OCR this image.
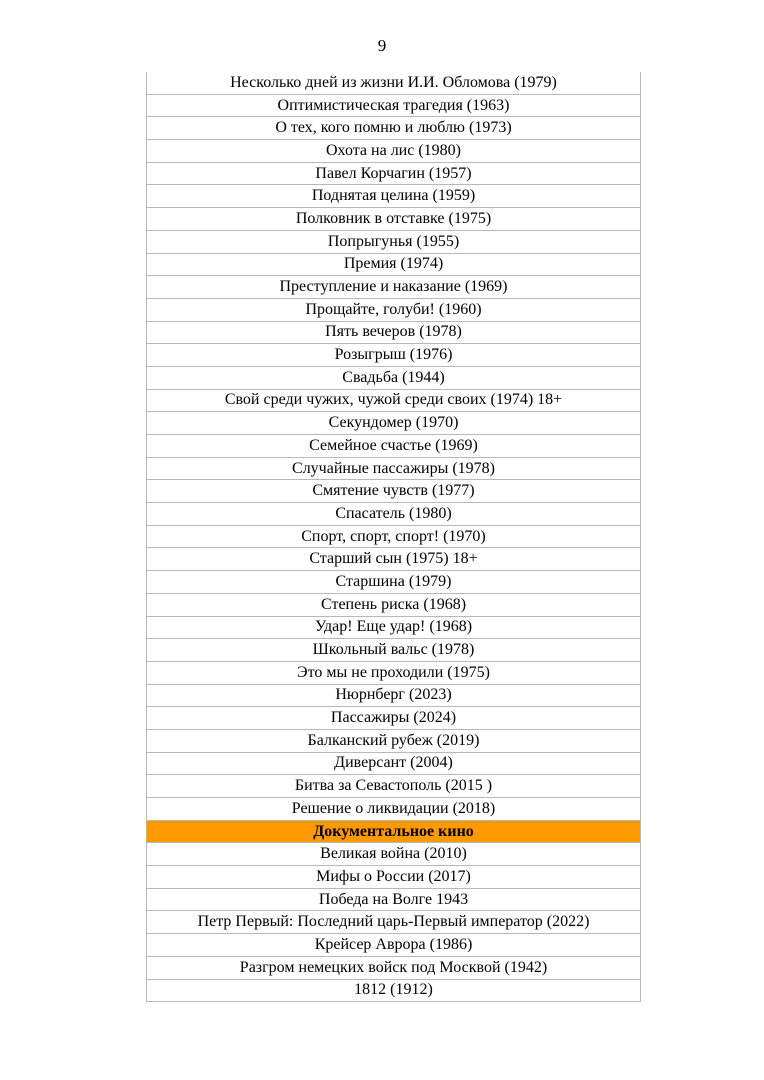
9
Несколько дней из жизни И.И. Обломова (1979)
Оптимистическая трагедия (1963)
О тех, кого помню и люблю (1973)
Охота на лис (1980)
Павел Корчагин (1957)
Поднятая целина (1959)
Полковник в отставке (1975)
Попрыгунья (1955)
Премия (1974)
Преступление и наказание (1969)
Прощайте, голуби! (1960)
Пять вечеров (1978)
Розыгрыш (1976)
Свадьба (1944)
Свой среди чужих, чужой среди своих (1974) 18+
Секундомер (1970)
Семейное счастье (1969)
Случайные пассажиры (1978)
Смятение чувств (1977)
Спасатель (1980)
Спорт, спорт, спорт! (1970)
Старший сын (1975) 18+
Старшина (1979)
Степень риска (1968)
Удар! Еще удар! (1968)
Школьный вальс (1978)
Это мы не проходили (1975)
Нюрнберг (2023)
Пассажиры (2024)
Балканский рубеж (2019)
Диверсант (2004)
Битва за Севастополь (2015 )
Решение о ликвидации (2018)
Документальное кино
Великая война (2010)
Мифы о России (2017)
Победа на Волге 1943
Петр Первый: Последний царь-Первый император (2022)
Крейсер Аврора (1986)
Разгром немецких войск под Москвой (1942)
1812 (1912)
